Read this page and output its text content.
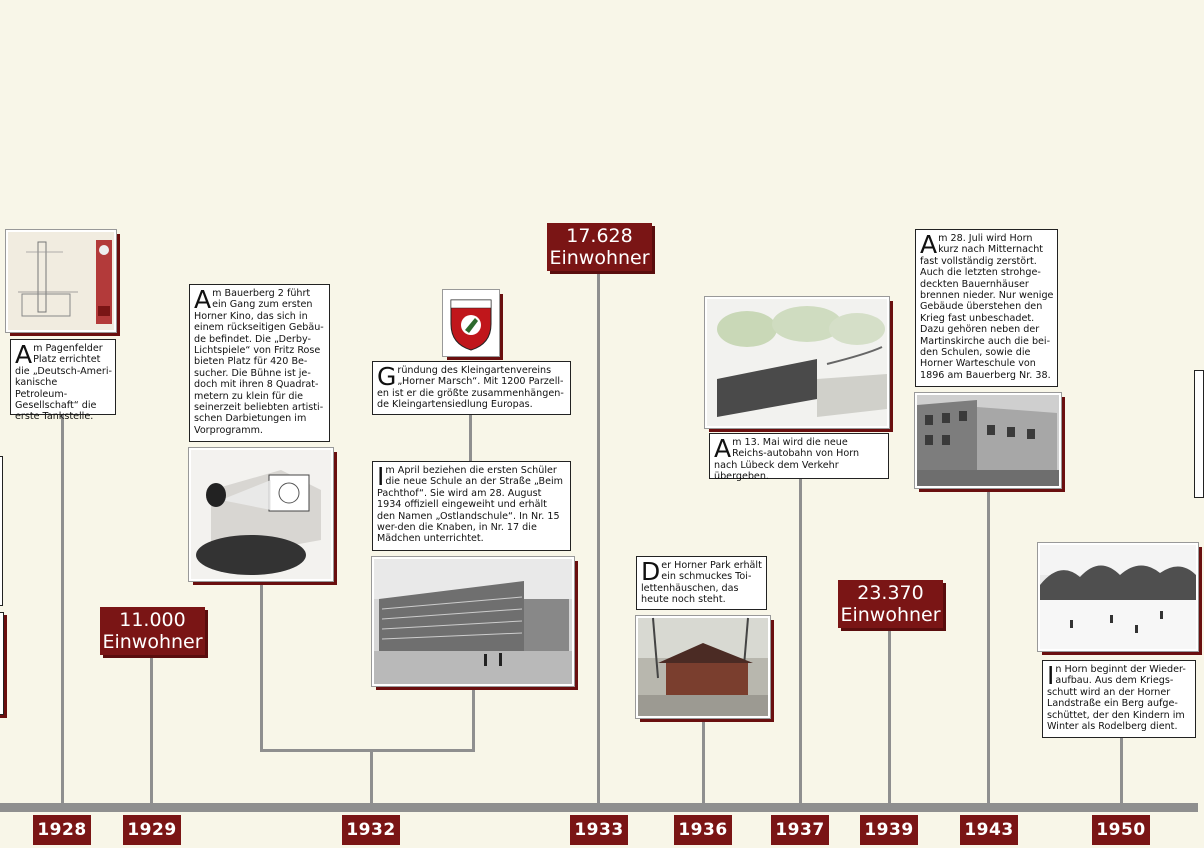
1928 1929	1932	1933	1936	1937 1939	1943	1950
11.000
Einwohner
17.628
Einwohner
23.370
Einwohner
Am Pagenfelder Platz errichtet die „Deutsch-Ameri-kanische Petroleum-Gesellschaft“ die erste Tankstelle.
Am Bauerberg 2 führt ein Gang zum ersten Horner Kino, das sich in einem rückseitigen Gebäu-de befindet. Die „Derby-Lichtspiele“ von Fritz Rose bieten Platz für 420 Be-sucher. Die Bühne ist je-doch mit ihren 8 Quadrat-metern zu klein für die seinerzeit beliebten artisti-schen Darbietungen im Vorprogramm.
Gründung des Kleingartenvereins „Horner Marsch“. Mit 1200 Parzell-en ist er die größte zusammenhängen-de Kleingartensiedlung Europas.
Im April beziehen die ersten Schüler die neue Schule an der Straße „Beim Pachthof“. Sie wird am 28. August 1934 offiziell eingeweiht und erhält den Namen „Ostlandschule“. In Nr. 15 wer-den die Knaben, in Nr. 17 die Mädchen unterrichtet.
Der Horner Park erhält ein schmuckes Toi-lettenhäuschen, das heute noch steht.
Am 13. Mai wird die neue Reichs-autobahn von Horn nach Lübeck dem Verkehr übergeben.
Am 28. Juli wird Horn kurz nach Mitternacht fast vollständig zerstört. Auch die letzten strohge-deckten Bauernhäuser brennen nieder. Nur wenige Gebäude überstehen den Krieg fast unbeschadet. Dazu gehören neben der Martinskirche auch die bei-den Schulen, sowie die Horner Warteschule von 1896 am Bauerberg Nr. 38.
In Horn beginnt der Wieder-aufbau. Aus dem Kriegs-schutt wird an der Horner Landstraße ein Berg aufge-schüttet, der den Kindern im Winter als Rodelberg dient.
